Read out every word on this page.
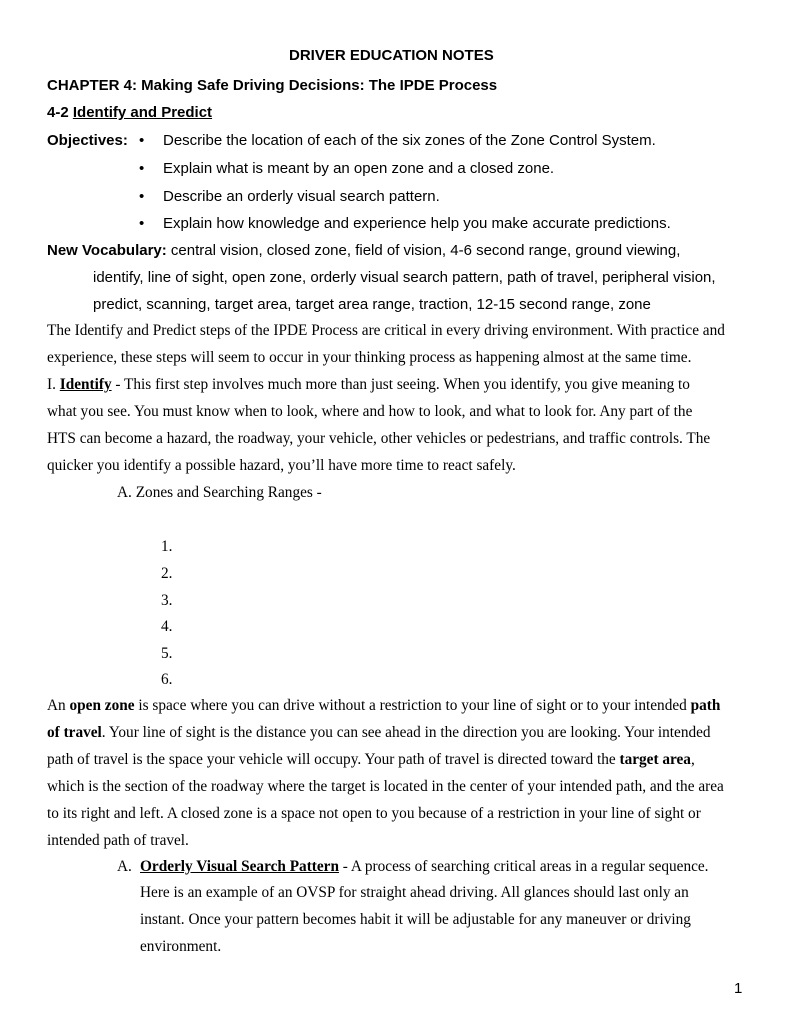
DRIVER EDUCATION NOTES
CHAPTER 4: Making Safe Driving Decisions: The IPDE Process
4-2 Identify and Predict
Objectives: • Describe the location of each of the six zones of the Zone Control System.
• Explain what is meant by an open zone and a closed zone.
• Describe an orderly visual search pattern.
• Explain how knowledge and experience help you make accurate predictions.
New Vocabulary: central vision, closed zone, field of vision, 4-6 second range, ground viewing,
identify, line of sight, open zone, orderly visual search pattern, path of travel, peripheral vision,
predict, scanning, target area, target area range, traction, 12-15 second range, zone
The Identify and Predict steps of the IPDE Process are critical in every driving environment. With practice and
experience, these steps will seem to occur in your thinking process as happening almost at the same time.
I. Identify - This first step involves much more than just seeing. When you identify, you give meaning to
what you see. You must know when to look, where and how to look, and what to look for. Any part of the
HTS can become a hazard, the roadway, your vehicle, other vehicles or pedestrians, and traffic controls. The
quicker you identify a possible hazard, you’ll have more time to react safely.
A. Zones and Searching Ranges -
1.
2.
3.
4.
5.
6.
An open zone is space where you can drive without a restriction to your line of sight or to your intended path
of travel. Your line of sight is the distance you can see ahead in the direction you are looking. Your intended
path of travel is the space your vehicle will occupy. Your path of travel is directed toward the target area,
which is the section of the roadway where the target is located in the center of your intended path, and the area
to its right and left. A closed zone is a space not open to you because of a restriction in your line of sight or
intended path of travel.
A. Orderly Visual Search Pattern - A process of searching critical areas in a regular sequence.
Here is an example of an OVSP for straight ahead driving. All glances should last only an
instant. Once your pattern becomes habit it will be adjustable for any maneuver or driving
environment.
1
